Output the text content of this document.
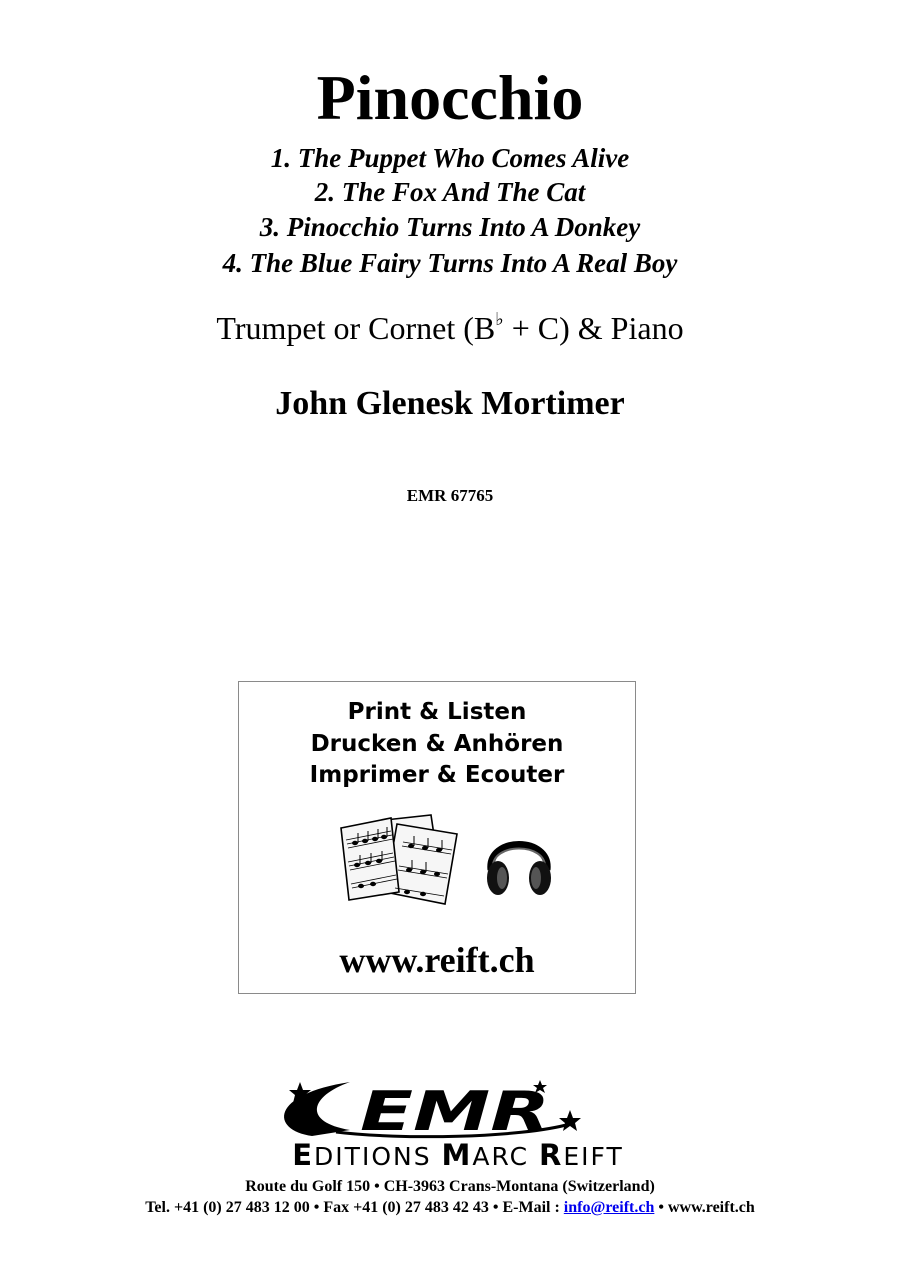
Pinocchio
1. The Puppet Who Comes Alive
2. The Fox And The Cat
3. Pinocchio Turns Into A Donkey
4. The Blue Fairy Turns Into A Real Boy
Trumpet or Cornet (B♭ + C) & Piano
John Glenesk Mortimer
EMR 67765
Print & Listen
Drucken & Anhören
Imprimer & Ecouter
www.reift.ch
EMR
EDITIONS MARC REIFT
Route du Golf 150 • CH-3963 Crans-Montana (Switzerland)
Tel. +41 (0) 27 483 12 00 • Fax +41 (0) 27 483 42 43 • E-Mail : info@reift.ch • www.reift.ch
